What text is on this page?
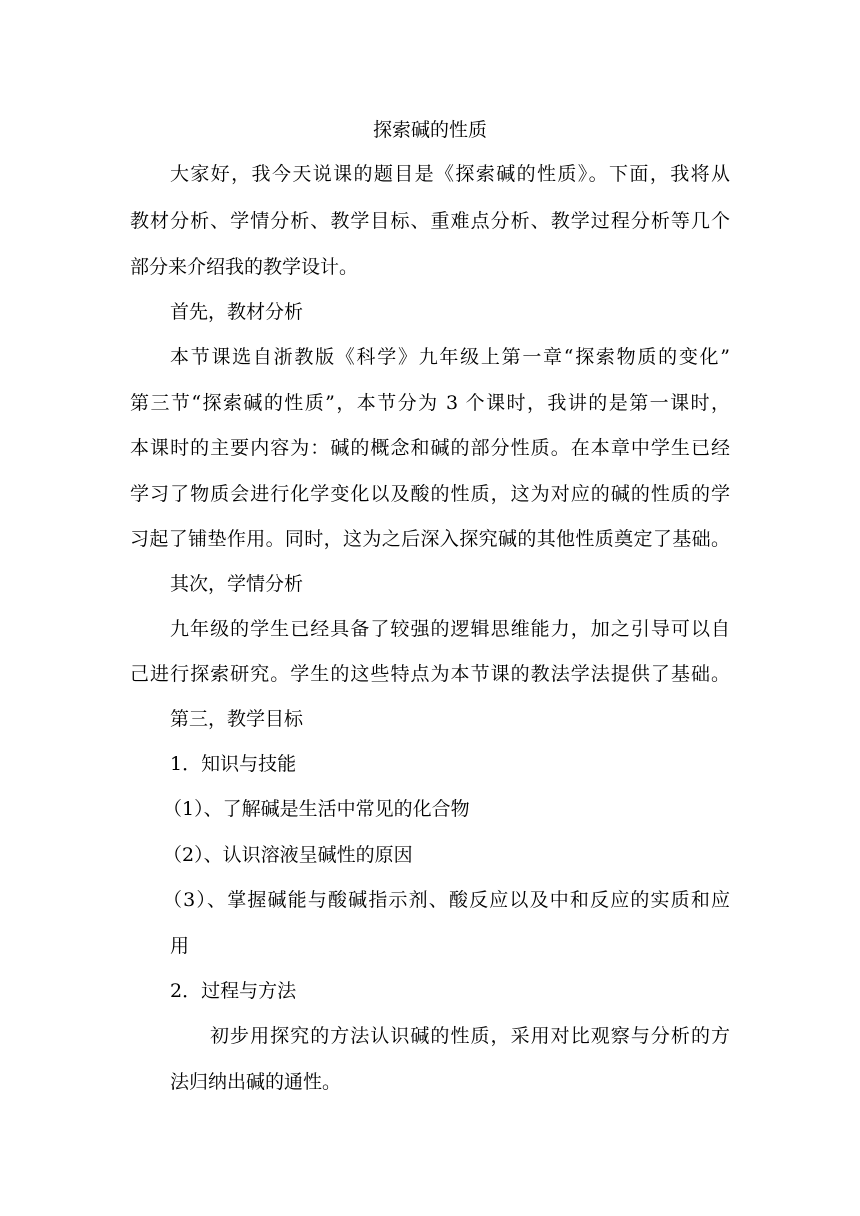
探索碱的性质
大家好，我今天说课的题目是《探索碱的性质》。下面，我将从
教材分析、学情分析、教学目标、重难点分析、教学过程分析等几个
部分来介绍我的教学设计。
首先，教材分析
本节课选自浙教版《科学》九年级上第一章“探索物质的变化”
第三节“探索碱的性质”，本节分为 3 个课时，我讲的是第一课时，
本课时的主要内容为：碱的概念和碱的部分性质。在本章中学生已经
学习了物质会进行化学变化以及酸的性质，这为对应的碱的性质的学
习起了铺垫作用。同时，这为之后深入探究碱的其他性质奠定了基础。
其次，学情分析
九年级的学生已经具备了较强的逻辑思维能力，加之引导可以自
己进行探索研究。学生的这些特点为本节课的教法学法提供了基础。
第三，教学目标
1．知识与技能
（1）、了解碱是生活中常见的化合物
（2）、认识溶液呈碱性的原因
（3）、掌握碱能与酸碱指示剂、酸反应以及中和反应的实质和应
用
2．过程与方法
初步用探究的方法认识碱的性质，采用对比观察与分析的方
法归纳出碱的通性。
